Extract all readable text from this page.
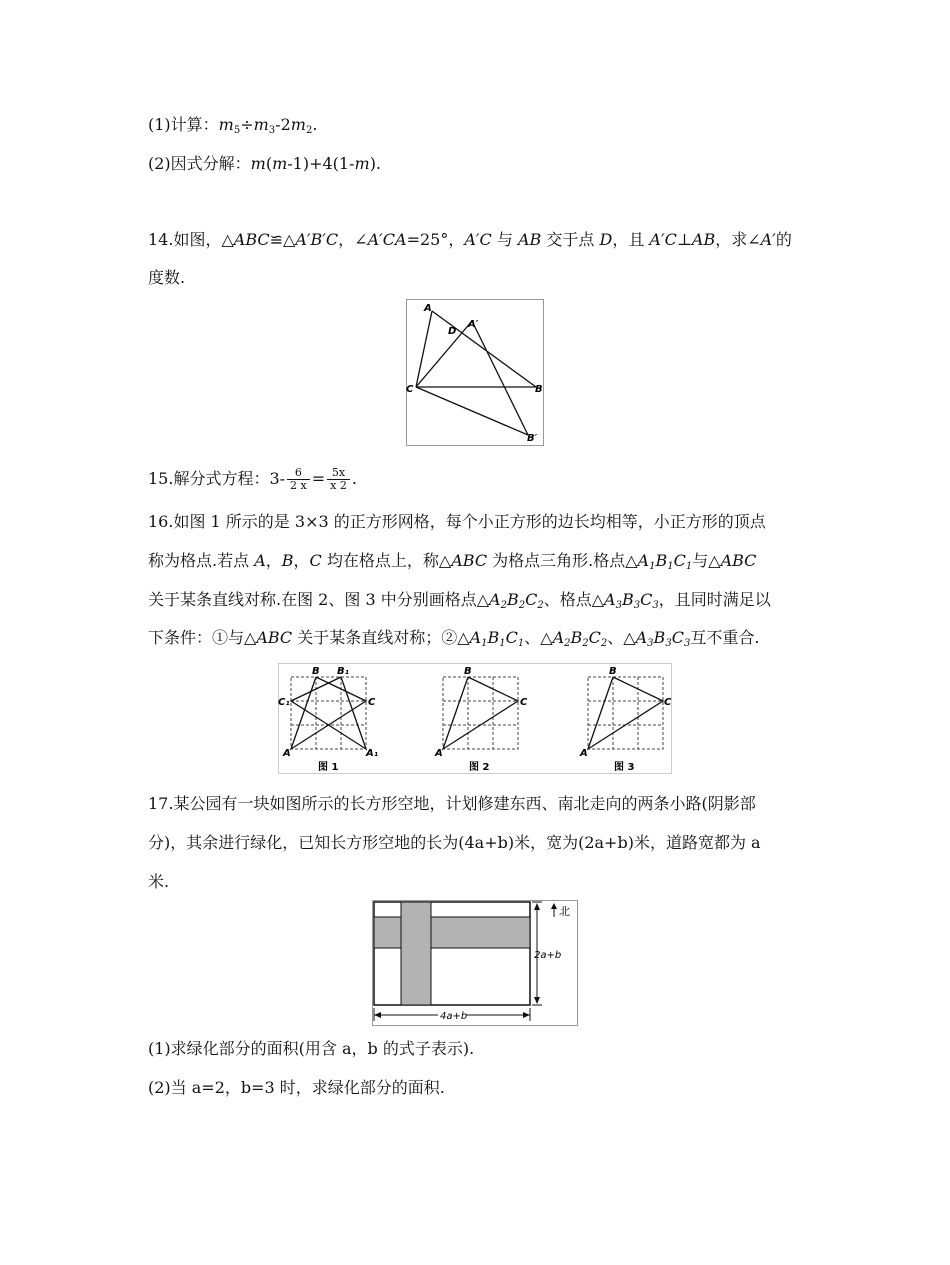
(1)计算：$m_5\div m_3-2m_2$.
(2)因式分解：m(m-1)+4(1-m).
14.如图，△ABC≌△A′B′C，∠A′CA=25°，A′C 与 AB 交于点 D，且 A′C⊥AB，求∠A′的
度数.
A
D
A′
C	B
B′
15.解分式方程：$3- \frac{6}{2 x} = \frac{5x}{x 2}$ .
16.如图 1 所示的是 3×3 的正方形网格，每个小正方形的边长均相等，小正方形的顶点
称为格点.若点 A，B，C 均在格点上，称△ABC 为格点三角形.格点$\triangle A_1B_1C_1$与△ABC
关于某条直线对称.在图 2、图 3 中分别画格点$\triangle A_2B_2C_2$、格点$\triangle A_3B_3C_3$，且同时满足以
下条件：①与△ABC 关于某条直线对称；$②\triangle A_1B_1C_1$、$\triangle A_2B_2C_2$、$\triangle A_3B_3C_3$互不重合.
B B₁
C₁	C
A	A₁
图 1
B
C
A
图 2
B
C
A
图 3
17.某公园有一块如图所示的长方形空地，计划修建东西、南北走向的两条小路(阴影部
分)，其余进行绿化，已知长方形空地的长为(4a+b)米，宽为(2a+b)米，道路宽都为 a
米.
北
2a+b
4a+b
(1)求绿化部分的面积(用含 a，b 的式子表示).
(2)当 a=2，b=3 时，求绿化部分的面积.
